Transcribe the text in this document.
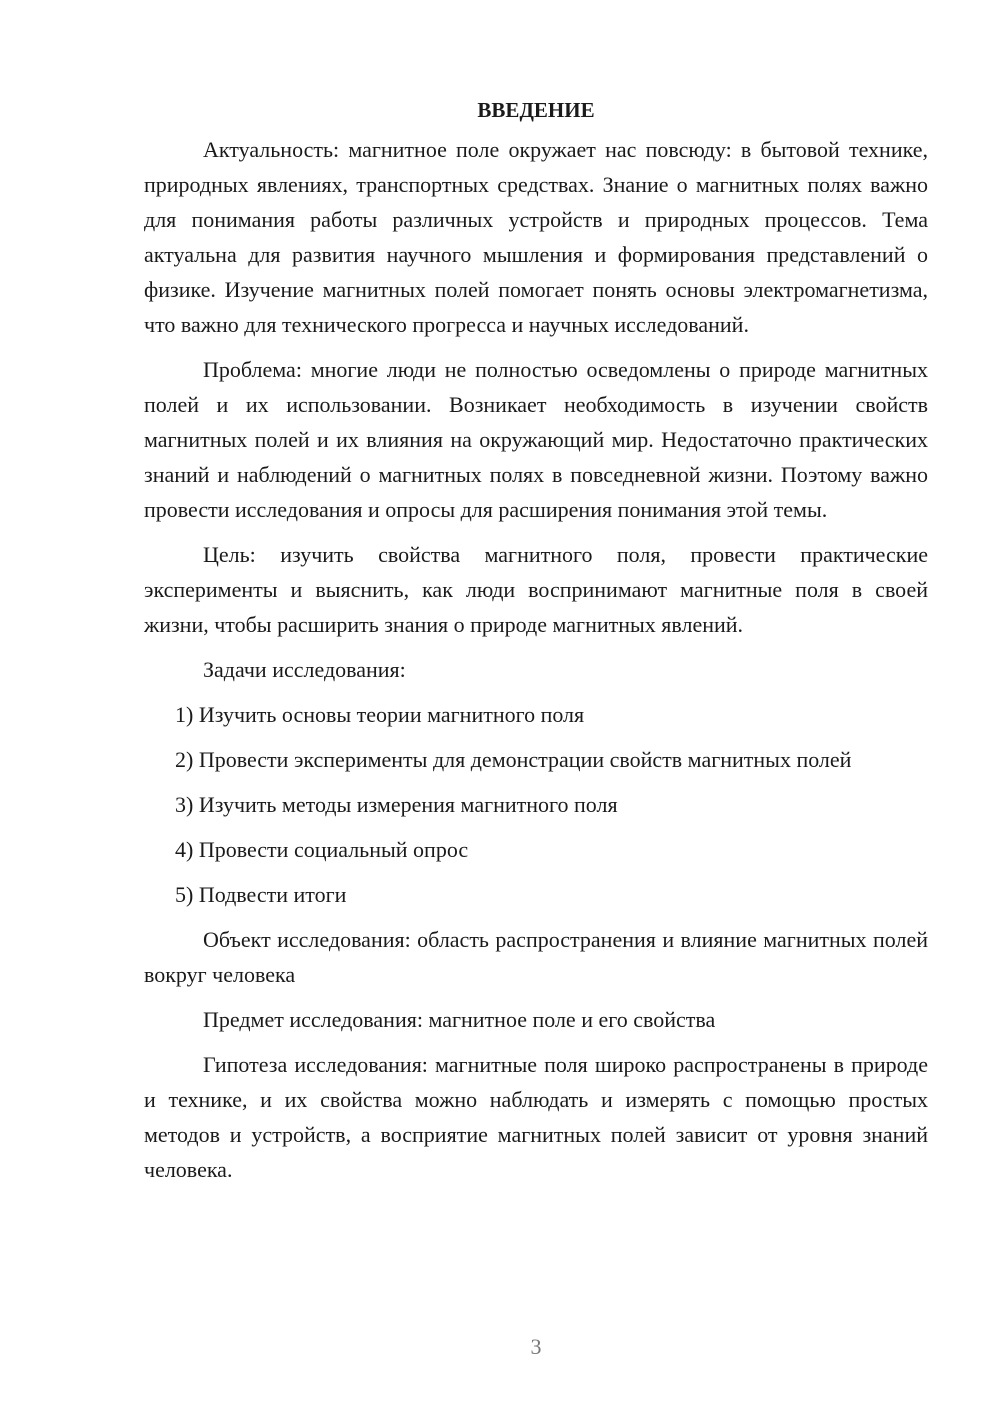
ВВЕДЕНИЕ

Актуальность: магнитное поле окружает нас повсюду: в бытовой технике, природных явлениях, транспортных средствах. Знание о магнитных полях важно для понимания работы различных устройств и природных процессов. Тема актуальна для развития научного мышления и формирования представлений о физике. Изучение магнитных полей помогает понять основы электромагнетизма, что важно для технического прогресса и научных исследований.

Проблема: многие люди не полностью осведомлены о природе магнитных полей и их использовании. Возникает необходимость в изучении свойств магнитных полей и их влияния на окружающий мир. Недостаточно практических знаний и наблюдений о магнитных полях в повседневной жизни. Поэтому важно провести исследования и опросы для расширения понимания этой темы.

Цель: изучить свойства магнитного поля, провести практические эксперименты и выяснить, как люди воспринимают магнитные поля в своей жизни, чтобы расширить знания о природе магнитных явлений.

Задачи исследования:

1) Изучить основы теории магнитного поля

2) Провести эксперименты для демонстрации свойств магнитных полей

3) Изучить методы измерения магнитного поля

4) Провести социальный опрос

5) Подвести итоги

Объект исследования: область распространения и влияние магнитных полей вокруг человека

Предмет исследования: магнитное поле и его свойства

Гипотеза исследования: магнитные поля широко распространены в природе и технике, и их свойства можно наблюдать и измерять с помощью простых методов и устройств, а восприятие магнитных полей зависит от уровня знаний человека.

3
